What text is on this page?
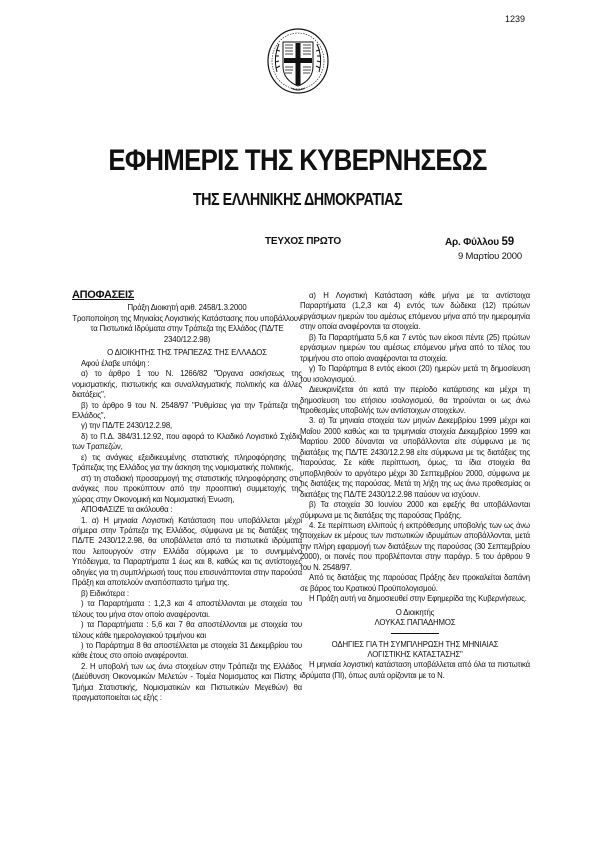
1239
ΕΦΗΜΕΡΙΣ ΤΗΣ ΚΥΒΕΡΝΗΣΕΩΣ
ΤΗΣ ΕΛΛΗΝΙΚΗΣ ΔΗΜΟΚΡΑΤΙΑΣ
ΤΕΥΧΟΣ ΠΡΩΤΟ	Αρ. Φύλλου 59
9 Μαρτίου 2000

ΑΠΟΦΑΣΕΙΣ

Πράξη Διοικητή αριθ. 2458/1.3.2000

Τροποποίηση της Μηνιαίας Λογιστικής Κατάστασης που υποβάλλουν τα Πιστωτικά Ιδρύματα στην Τράπεζα της Ελλάδος (ΠΔ/ΤΕ 2340/12.2.98)

Ο ΔΙΟΙΚΗΤΗΣ ΤΗΣ ΤΡΑΠΕΖΑΣ ΤΗΣ ΕΛΛΑΔΟΣ

Αφού έλαβε υπόψη :

α) το άρθρο 1 του Ν. 1266/82 "Όργανα ασκήσεως της νομισματικής, πιστωτικής και συναλλαγματικής πολιτικής και άλλες διατάξεις",

β) το άρθρο 9 του Ν. 2548/97 "Ρυθμίσεις για την Τράπεζα της Ελλάδος",

γ) την ΠΔ/ΤΕ 2430/12.2.98,

δ) το Π.Δ. 384/31.12.92, που αφορά το Κλαδικό Λογιστικό Σχέδιο των Τραπεζών,

ε) τις ανάγκες εξειδικευμένης στατιστικής πληροφόρησης της Τράπεζας της Ελλάδος για την άσκηση της νομισματικής πολιτικής,

στ) τη σταδιακή προσαρμογή της στατιστικής πληροφόρησης στις ανάγκες που προκύπτουν από την προοπτική συμμετοχής της χώρας στην Οικονομική και Νομισματική Ένωση,

ΑΠΟΦΑΣΙΖΕ τα ακόλουθα :

1. α) Η μηνιαία Λογιστική Κατάσταση που υποβάλλεται μέχρι σήμερα στην Τράπεζα της Ελλάδος, σύμφωνα με τις διατάξεις της ΠΔ/ΤΕ 2430/12.2.98, θα υποβάλλεται από τα πιστωτικά ιδρύματα που λειτουργούν στην Ελλάδα σύμφωνα με το συνημμένο Υπόδειγμα, τα Παραρτήματα 1 έως και 8, καθώς και τις αντίστοιχες οδηγίες για τη συμπλήρωσή τους που επισυνάπτονται στην παρούσα Πράξη και αποτελούν αναπόσπαστο τμήμα της.

β) Ειδικότερα :

) τα Παραρτήματα : 1,2,3 και 4 αποστέλλονται με στοιχεία του τέλους του μήνα στον οποίο αναφέρονται.

) τα Παραρτήματα : 5,6 και 7 θα αποστέλλονται με στοιχεία του τέλους κάθε ημερολογιακού τριμήνου και

) το Παράρτημα 8 θα αποστέλλεται με στοιχεία 31 Δεκεμβρίου του κάθε έτους στο οποίο αναφέρονται.

2. Η υποβολή των ως άνω στοιχείων στην Τράπεζα της Ελλάδος (Διεύθυνση Οικονομικών Μελετών - Τομέα Νομισματος και Πίστης - Τμήμα Στατιστικής, Νομισματικών και Πιστωτικών Μεγεθών) θα πραγματοποιείται ως εξής :

α) Η Λογιστική Κατάσταση κάθε μήνα με τα αντίστοιχα Παραρτήματα (1,2,3 και 4) εντός των δώδεκα (12) πρώτων εργάσιμων ημερών του αμέσως επόμενου μήνα από την ημερομηνία στην οποία αναφέρονται τα στοιχεία.

β) Τα Παραρτήματα 5,6 και 7 εντός των είκοσι πέντε (25) πρώτων εργάσιμων ημερών του αμέσως επόμενου μήνα από το τέλος του τριμήνου στο οποίο αναφέρονται τα στοιχεία.

γ) Το Παράρτημα 8 εντός είκοσι (20) ημερών μετά τη δημοσίευση του ισολογισμού.

Διευκρινίζεται ότι κατά την περίοδο κατάρτισης και μέχρι τη δημοσίευση του ετήσιου ισολογισμού, θα τηρούνται οι ως άνω προθεσμίες υποβολής των αντίστοιχων στοιχείων.

3. α) Τα μηνιαία στοιχεία των μηνών Δεκεμβρίου 1999 μέχρι και Μαΐου 2000 καθώς και τα τριμηνιαία στοιχεία Δεκεμβρίου 1999 και Μαρτίου 2000 δύνανται να υποβάλλονται είτε σύμφωνα με τις διατάξεις της ΠΔ/ΤΕ 2430/12.2.98 είτε σύμφωνα με τις διατάξεις της παρούσας. Σε κάθε περίπτωση, όμως, τα ίδια στοιχεία θα υποβληθούν το αργότερο μέχρι 30 Σεπτεμβρίου 2000, σύμφωνα με τις διατάξεις της παρούσας. Μετά τη λήξη της ως άνω προθεσμίας οι διατάξεις της ΠΔ/ΤΕ 2430/12.2.98 παύουν να ισχύουν.

β) Τα στοιχεία 30 Ιουνίου 2000 και εφεξής θα υποβάλλονται σύμφωνα με τις διατάξεις της παρούσας Πράξης.

4. Σε περίπτωση ελλιπούς ή εκπρόθεσμης υποβολής των ως άνω στοιχείων εκ μέρους των πιστωτικών ιδρυμάτων αποβάλλονται, μετά την πλήρη εφαρμογή των διατάξεων της παρούσας (30 Σεπτεμβρίου 2000), οι ποινές που προβλέπονται στην παράγρ. 5 του άρθρου 9 του Ν. 2548/97.

Από τις διατάξεις της παρούσας Πράξης δεν προκαλείται δαπάνη σε βάρος του Κρατικού Προϋπολογισμού.

Η Πράξη αυτή να δημοσιευθεί στην Εφημερίδα της Κυβερνήσεως.

Ο Διοικητής

ΛΟΥΚΑΣ ΠΑΠΑΔΗΜΟΣ

ΟΔΗΓΙΕΣ ΓΙΑ ΤΗ ΣΥΜΠΛΗΡΩΣΗ ΤΗΣ ΜΗΝΙΑΙΑΣ

ΛΟΓΙΣΤΙΚΗΣ ΚΑΤΑΣΤΑΣΗΣ"

Η μηνιαία λογιστική κατάσταση υποβάλλεται από όλα τα πιστωτικά ιδρύματα (ΠΙ), όπως αυτά ορίζονται με το Ν.
